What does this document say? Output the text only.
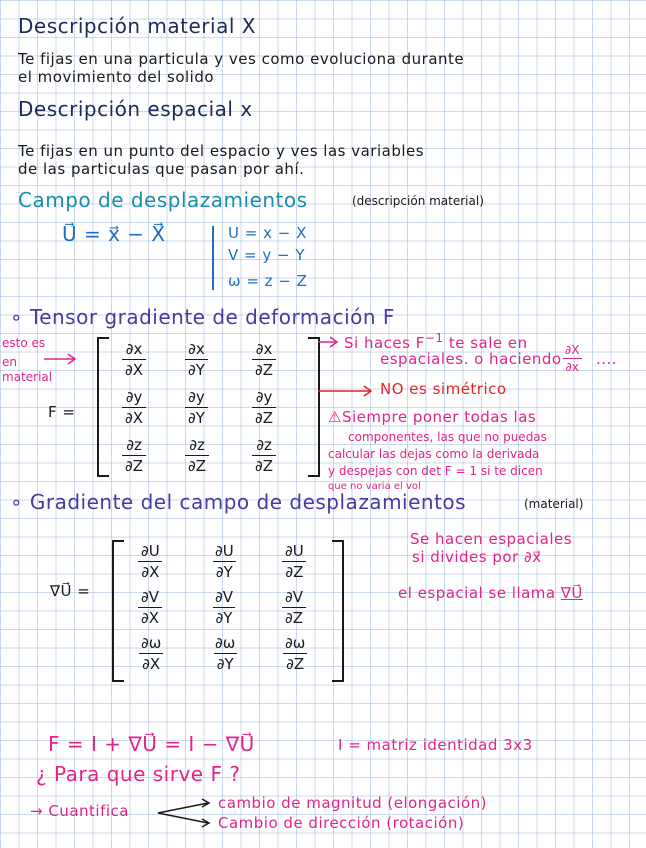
Descripción material X
Te fijas en una particula y ves como evoluciona durante
el movimiento del solido
Descripción espacial x
Te fijas en un punto del espacio y ves las variables
de las particulas que pasan por ahí.
Campo de desplazamientos	(descripción material)
U⃗ = x⃗ − X⃗	U = x − X
V = y − Y
ω = z − Z
∘ Tensor gradiente de deformación F
esto es
en
material
F =
$\frac{\partial x}{\partial X}$	$\frac{\partial x}{\partial Y}$	$\frac{\partial x}{\partial Z}$
$\frac{\partial y}{\partial X}$	$\frac{\partial y}{\partial Y}$	$\frac{\partial y}{\partial Z}$
$\frac{\partial z}{\partial Z}$	$\frac{\partial z}{\partial Z}$	$\frac{\partial z}{\partial Z}$
Si haces $F^{-1}$ te sale en
espaciales. o haciendo $\frac{\partial X}{\partial x}$ ....
NO es simétrico
⚠Siempre poner todas las
componentes, las que no puedas
calcular las dejas como la derivada
y despejas con det F = 1 si te dicen
que no varia el vol
∘ Gradiente del campo de desplazamientos	(material)
∇U⃗ =
$\frac{\partial U}{\partial X}$	$\frac{\partial U}{\partial Y}$	$\frac{\partial U}{\partial Z}$
$\frac{\partial V}{\partial X}$	$\frac{\partial V}{\partial Y}$	$\frac{\partial V}{\partial Z}$
$\frac{\partial\omega}{\partial X}$	$\frac{\partial\omega}{\partial Y}$	$\frac{\partial\omega}{\partial Z}$
Se hacen espaciales
si divides por ∂x⃗
el espacial se llama ∇U⃗
F = I + ∇U⃗ = I − ∇U⃗	I = matriz identidad 3x3
¿ Para que sirve F ?
→ Cuantifica	cambio de magnitud (elongación)
Cambio de dirección (rotación)
